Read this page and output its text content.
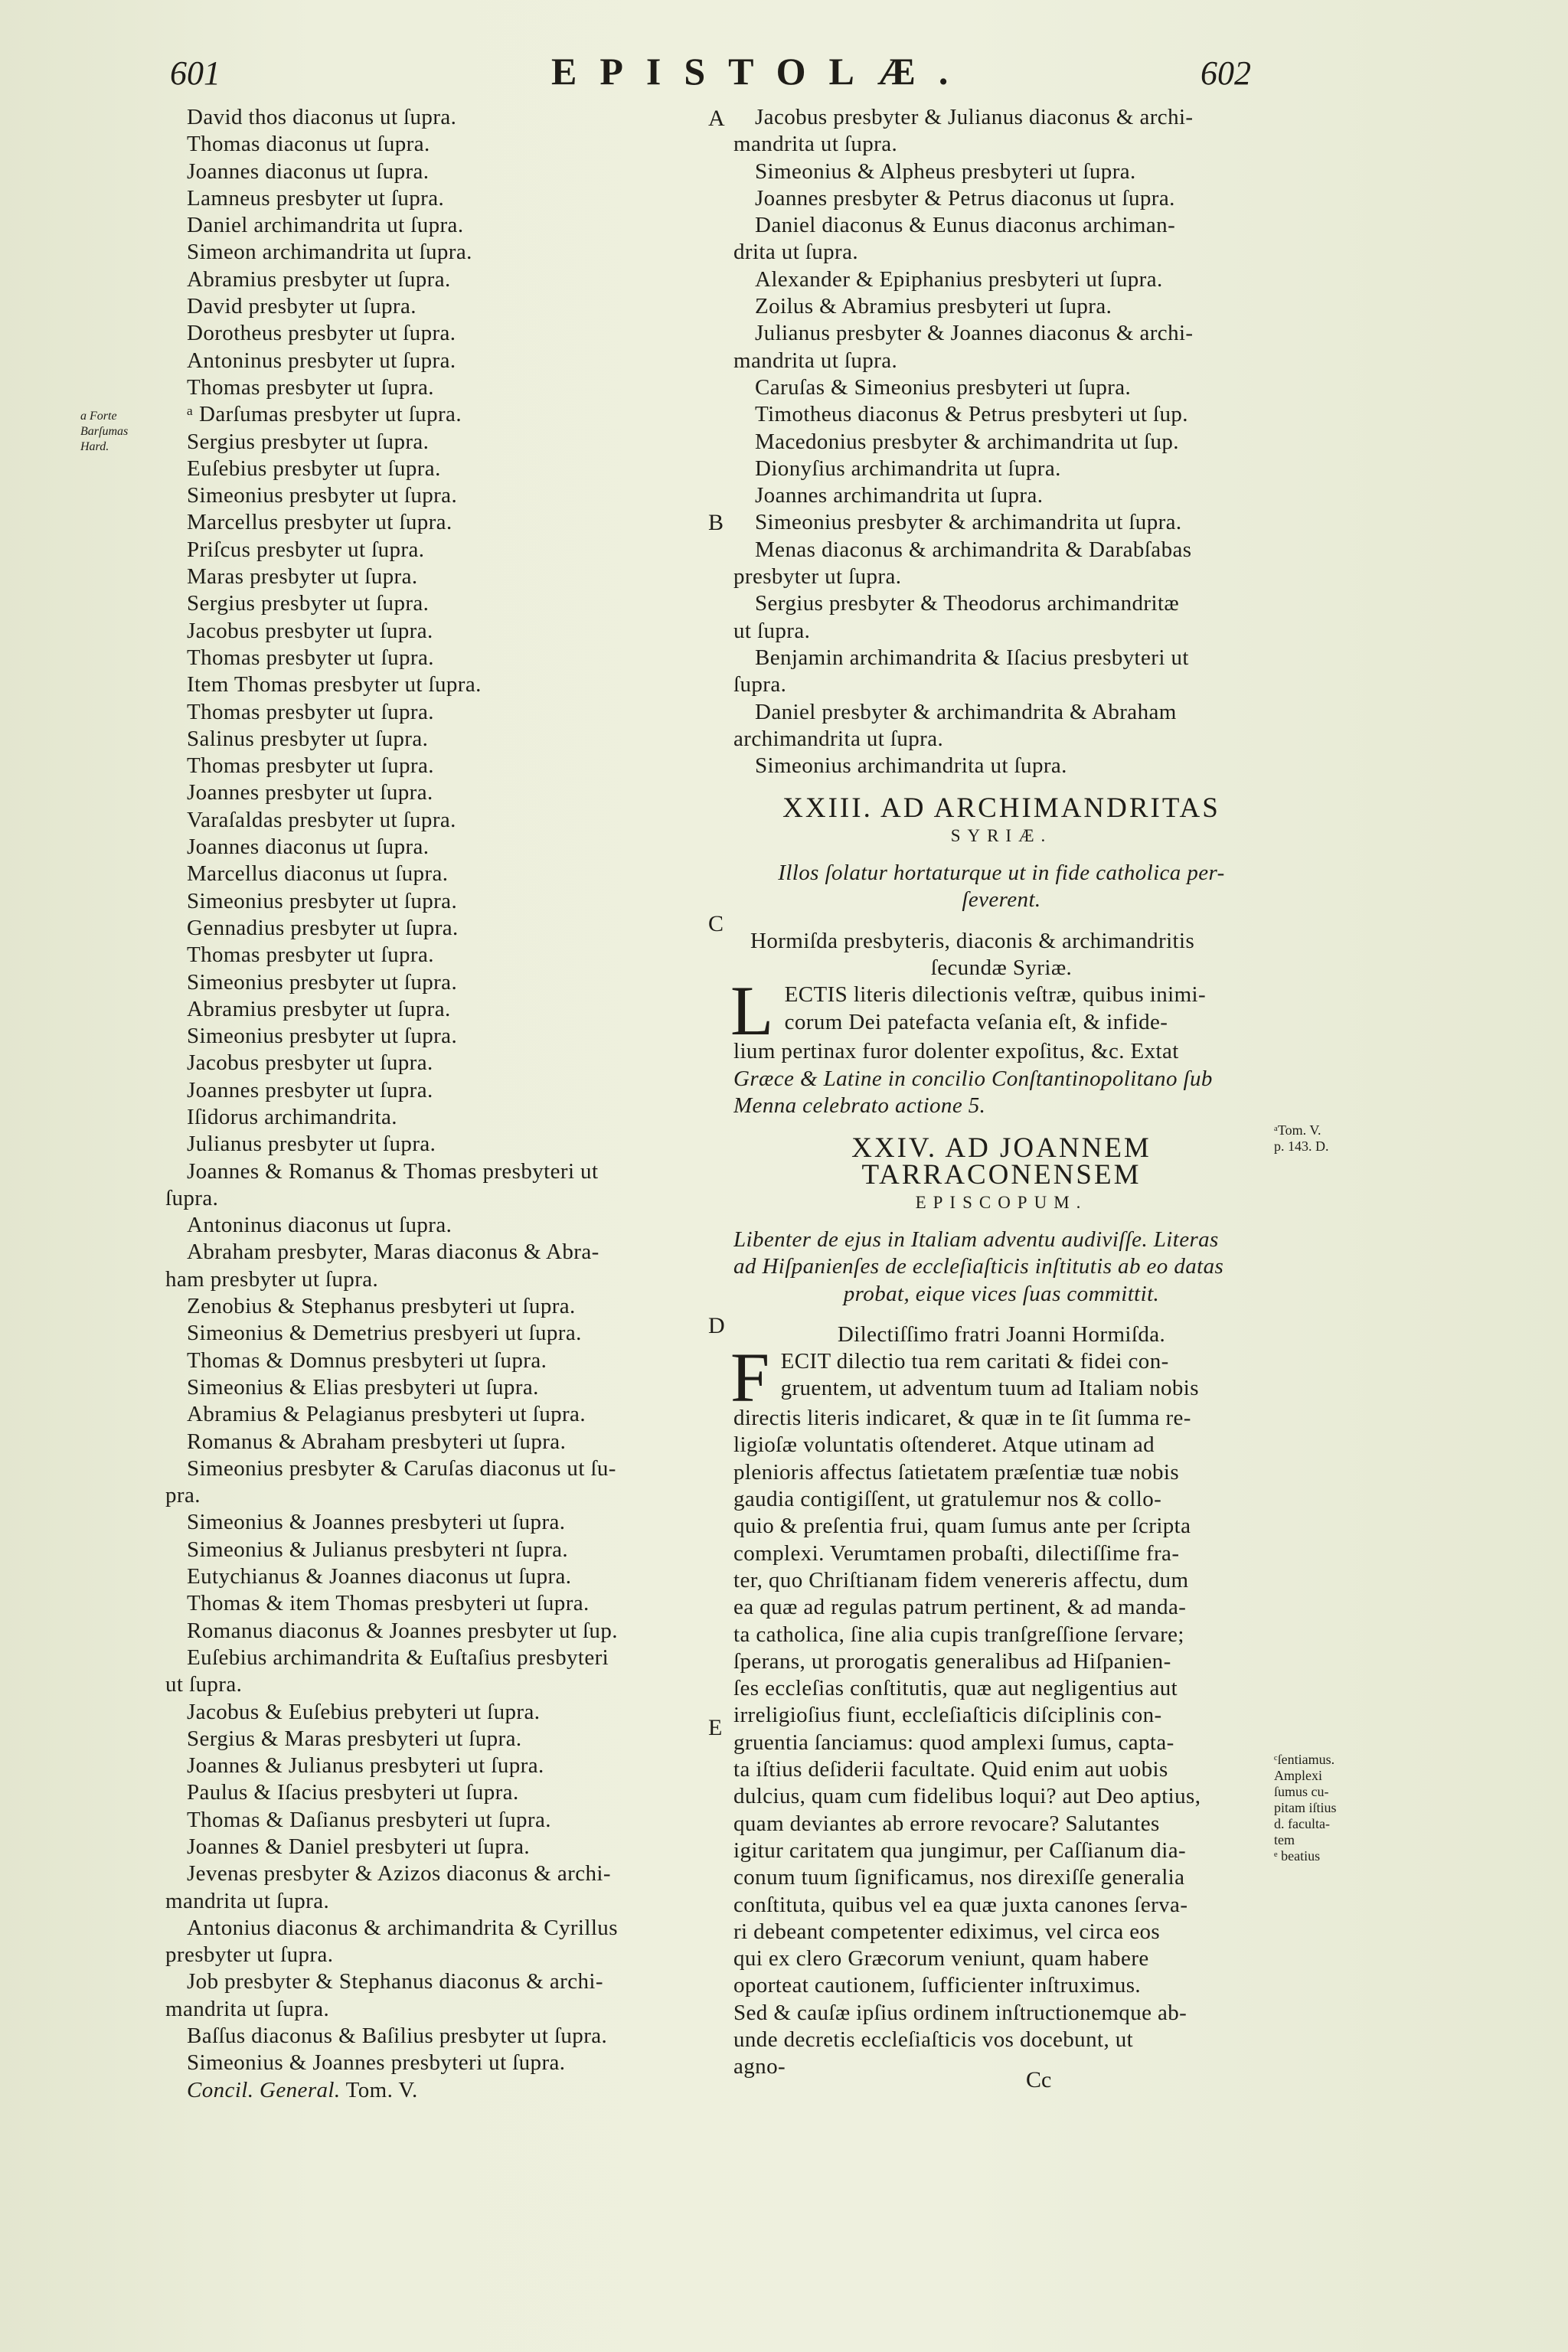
601	EPISTOLÆ.	602
a Forte
Barſumas
Hard.
David thos diaconus ut ſupra.
Thomas diaconus ut ſupra.
Joannes diaconus ut ſupra.
Lamneus presbyter ut ſupra.
Daniel archimandrita ut ſupra.
Simeon archimandrita ut ſupra.
Abramius presbyter ut ſupra.
David presbyter ut ſupra.
Dorotheus presbyter ut ſupra.
Antoninus presbyter ut ſupra.
Thomas presbyter ut ſupra.
ᵃ Darſumas presbyter ut ſupra.
Sergius presbyter ut ſupra.
Euſebius presbyter ut ſupra.
Simeonius presbyter ut ſupra.
Marcellus presbyter ut ſupra.
Priſcus presbyter ut ſupra.
Maras presbyter ut ſupra.
Sergius presbyter ut ſupra.
Jacobus presbyter ut ſupra.
Thomas presbyter ut ſupra.
Item Thomas presbyter ut ſupra.
Thomas presbyter ut ſupra.
Salinus presbyter ut ſupra.
Thomas presbyter ut ſupra.
Joannes presbyter ut ſupra.
Varaſaldas presbyter ut ſupra.
Joannes diaconus ut ſupra.
Marcellus diaconus ut ſupra.
Simeonius presbyter ut ſupra.
Gennadius presbyter ut ſupra.
Thomas presbyter ut ſupra.
Simeonius presbyter ut ſupra.
Abramius presbyter ut ſupra.
Simeonius presbyter ut ſupra.
Jacobus presbyter ut ſupra.
Joannes presbyter ut ſupra.
Iſidorus archimandrita.
Julianus presbyter ut ſupra.
Joannes & Romanus & Thomas presbyteri ut
ſupra.
Antoninus diaconus ut ſupra.
Abraham presbyter, Maras diaconus & Abra-
ham presbyter ut ſupra.
Zenobius & Stephanus presbyteri ut ſupra.
Simeonius & Demetrius presbyeri ut ſupra.
Thomas & Domnus presbyteri ut ſupra.
Simeonius & Elias presbyteri ut ſupra.
Abramius & Pelagianus presbyteri ut ſupra.
Romanus & Abraham presbyteri ut ſupra.
Simeonius presbyter & Caruſas diaconus ut ſu-
pra.
Simeonius & Joannes presbyteri ut ſupra.
Simeonius & Julianus presbyteri nt ſupra.
Eutychianus & Joannes diaconus ut ſupra.
Thomas & item Thomas presbyteri ut ſupra.
Romanus diaconus & Joannes presbyter ut ſup.
Euſebius archimandrita & Euſtaſius presbyteri
ut ſupra.
Jacobus & Euſebius prebyteri ut ſupra.
Sergius & Maras presbyteri ut ſupra.
Joannes & Julianus presbyteri ut ſupra.
Paulus & Iſacius presbyteri ut ſupra.
Thomas & Daſianus presbyteri ut ſupra.
Joannes & Daniel presbyteri ut ſupra.
Jevenas presbyter & Azizos diaconus & archi-
mandrita ut ſupra.
Antonius diaconus & archimandrita & Cyrillus
presbyter ut ſupra.
Job presbyter & Stephanus diaconus & archi-
mandrita ut ſupra.
Baſſus diaconus & Baſilius presbyter ut ſupra.
Simeonius & Joannes presbyteri ut ſupra.
Concil. General. Tom. V.
A
B
C
D
E
Jacobus presbyter & Julianus diaconus & archi-
mandrita ut ſupra.
Simeonius & Alpheus presbyteri ut ſupra.
Joannes presbyter & Petrus diaconus ut ſupra.
Daniel diaconus & Eunus diaconus archiman-
drita ut ſupra.
Alexander & Epiphanius presbyteri ut ſupra.
Zoilus & Abramius presbyteri ut ſupra.
Julianus presbyter & Joannes diaconus & archi-
mandrita ut ſupra.
Caruſas & Simeonius presbyteri ut ſupra.
Timotheus diaconus & Petrus presbyteri ut ſup.
Macedonius presbyter & archimandrita ut ſup.
Dionyſius archimandrita ut ſupra.
Joannes archimandrita ut ſupra.
Simeonius presbyter & archimandrita ut ſupra.
Menas diaconus & archimandrita & Darabſabas
presbyter ut ſupra.
Sergius presbyter & Theodorus archimandritæ
ut ſupra.
Benjamin archimandrita & Iſacius presbyteri ut
ſupra.
Daniel presbyter & archimandrita & Abraham
archimandrita ut ſupra.
Simeonius archimandrita ut ſupra.
XXIII. AD ARCHIMANDRITAS
SYRIÆ.
Illos ſolatur hortaturque ut in fide catholica per-
ſeverent.
Hormiſda presbyteris, diaconis & archimandritis
ſecundæ Syriæ.
L ECTIS literis dilectionis veſtræ, quibus inimi-
corum Dei patefacta veſania eſt, & infide-
lium pertinax furor dolenter expoſitus, &c. Extat
Græce & Latine in concilio Conſtantinopolitano ſub
Menna celebrato actione 5.
XXIV. AD JOANNEM TARRACONENSEM
EPISCOPUM.
Libenter de ejus in Italiam adventu audiviſſe. Literas
ad Hiſpanienſes de eccleſiaſticis inſtitutis ab eo datas
probat, eique vices ſuas committit.
Dilectiſſimo fratri Joanni Hormiſda.
F ECIT dilectio tua rem caritati & fidei con-
gruentem, ut adventum tuum ad Italiam nobis
directis literis indicaret, & quæ in te ſit ſumma re-
ligioſæ voluntatis oſtenderet. Atque utinam ad
plenioris affectus ſatietatem præſentiæ tuæ nobis
gaudia contigiſſent, ut gratulemur nos & collo-
quio & preſentia frui, quam ſumus ante per ſcripta
complexi. Verumtamen probaſti, dilectiſſime fra-
ter, quo Chriſtianam fidem venereris affectu, dum
ea quæ ad regulas patrum pertinent, & ad manda-
ta catholica, ſine alia cupis tranſgreſſione ſervare;
ſperans, ut prorogatis generalibus ad Hiſpanien-
ſes eccleſias conſtitutis, quæ aut negligentius aut
irreligioſius fiunt, eccleſiaſticis diſciplinis con-
gruentia ſanciamus: quod amplexi ſumus, capta-
ta iſtius deſiderii facultate. Quid enim aut uobis
dulcius, quam cum fidelibus loqui? aut Deo aptius,
quam deviantes ab errore revocare? Salutantes
igitur caritatem qua jungimur, per Caſſianum dia-
conum tuum ſignificamus, nos direxiſſe generalia
conſtituta, quibus vel ea quæ juxta canones ſerva-
ri debeant competenter ediximus, vel circa eos
qui ex clero Græcorum veniunt, quam habere
oporteat cautionem, ſufficienter inſtruximus.
Sed & cauſæ ipſius ordinem inſtructionemque ab-
unde decretis eccleſiaſticis vos docebunt, ut
agno-
Cc
ᵃTom. V.
p. 143. D.
ᶜſentiamus.
Amplexi
ſumus cu-
pitam iſtius
d. faculta-
tem
ᵉ beatius
